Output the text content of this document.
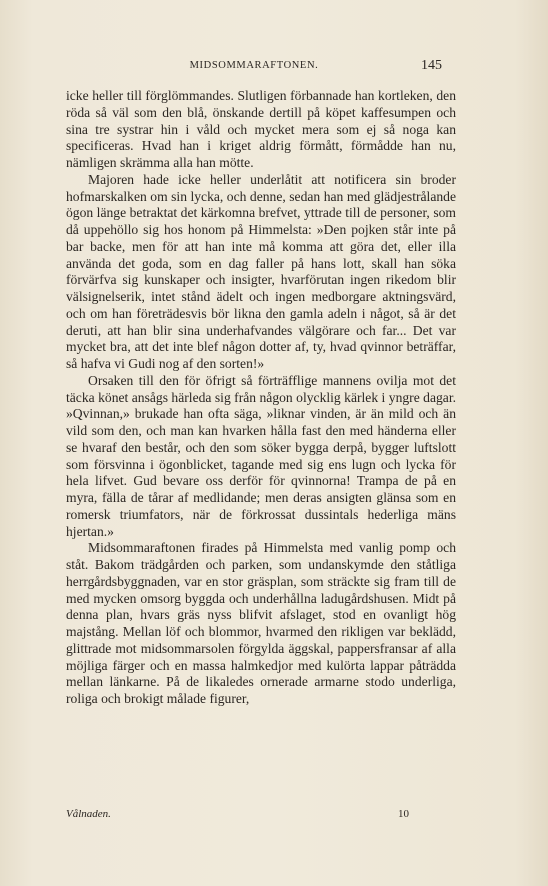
MIDSOMMARAFTONEN.	145

icke heller till förglömmandes. Slutligen förbannade han kortleken, den röda så väl som den blå, önskande dertill på köpet kaffesumpen och sina tre systrar hin i våld och mycket mera som ej så noga kan specificeras. Hvad han i kriget aldrig förmått, förmådde han nu, nämligen skrämma alla han mötte.

Majoren hade icke heller underlåtit att notificera sin broder hofmarskalken om sin lycka, och denne, sedan han med glädjestrålande ögon länge betraktat det kärkomna brefvet, yttrade till de personer, som då uppehöllo sig hos honom på Himmelsta: »Den pojken står inte på bar backe, men för att han inte må komma att göra det, eller illa använda det goda, som en dag faller på hans lott, skall han söka förvärfva sig kunskaper och insigter, hvarförutan ingen rikedom blir välsignelserik, intet stånd ädelt och ingen medborgare aktningsvärd, och om han företrädesvis bör likna den gamla adeln i något, så är det deruti, att han blir sina underhafvandes välgörare och far... Det var mycket bra, att det inte blef någon dotter af, ty, hvad qvinnor beträffar, så hafva vi Gudi nog af den sorten!»

Orsaken till den för öfrigt så förträfflige mannens ovilja mot det täcka könet ansågs härleda sig från någon olycklig kärlek i yngre dagar. »Qvinnan,» brukade han ofta säga, »liknar vinden, är än mild och än vild som den, och man kan hvarken hålla fast den med händerna eller se hvaraf den består, och den som söker bygga derpå, bygger luftslott som försvinna i ögonblicket, tagande med sig ens lugn och lycka för hela lifvet. Gud bevare oss derför för qvinnorna! Trampa de på en myra, fälla de tårar af medlidande; men deras ansigten glänsa som en romersk triumfators, när de förkrossat dussintals hederliga mäns hjertan.»

Midsommaraftonen firades på Himmelsta med vanlig pomp och ståt. Bakom trädgården och parken, som undanskymde den ståtliga herrgårdsbyggnaden, var en stor gräsplan, som sträckte sig fram till de med mycken omsorg byggda och underhållna ladugårdshusen. Midt på denna plan, hvars gräs nyss blifvit afslaget, stod en ovanligt hög majstång. Mellan löf och blommor, hvarmed den rikligen var beklädd, glittrade mot midsommarsolen förgylda äggskal, pappersfransar af alla möjliga färger och en massa halmkedjor med kulörta lappar påträdda mellan länkarne. På de likaledes ornerade armarne stodo underliga, roliga och brokigt målade figurer,

Vålnaden.	10
